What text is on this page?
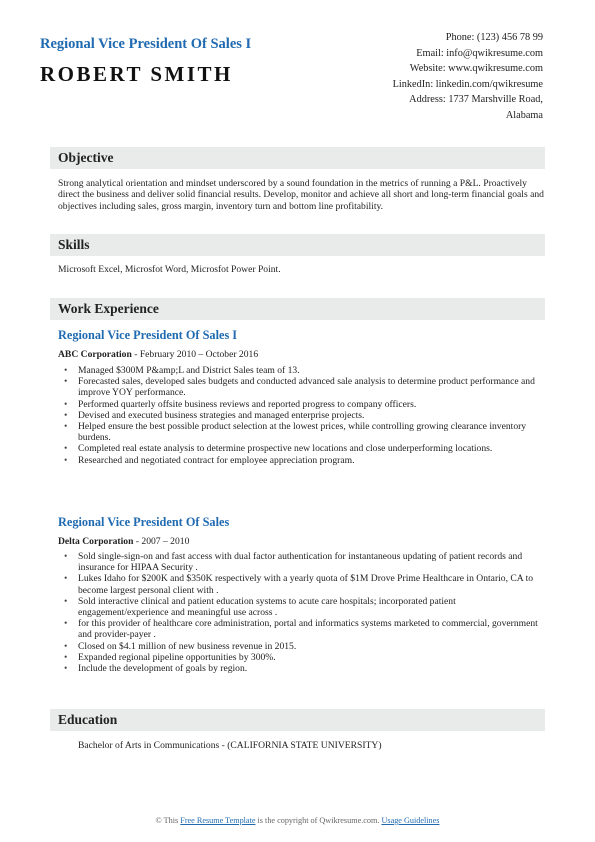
Regional Vice President Of Sales I
ROBERT SMITH
Phone: (123) 456 78 99
Email: info@qwikresume.com
Website: www.qwikresume.com
LinkedIn: linkedin.com/qwikresume
Address: 1737 Marshville Road,
Alabama
Objective
Strong analytical orientation and mindset underscored by a sound foundation in the metrics of running a P&L. Proactively direct the business and deliver solid financial results. Develop, monitor and achieve all short and long-term financial goals and objectives including sales, gross margin, inventory turn and bottom line profitability.
Skills
Microsoft Excel, Microsfot Word, Microsfot Power Point.
Work Experience
Regional Vice President Of Sales I
ABC Corporation - February 2010 – October 2016
• Managed $300M P&amp;L and District Sales team of 13.
• Forecasted sales, developed sales budgets and conducted advanced sale analysis to determine product performance and improve YOY performance.
• Performed quarterly offsite business reviews and reported progress to company officers.
• Devised and executed business strategies and managed enterprise projects.
• Helped ensure the best possible product selection at the lowest prices, while controlling growing clearance inventory burdens.
• Completed real estate analysis to determine prospective new locations and close underperforming locations.
• Researched and negotiated contract for employee appreciation program.
Regional Vice President Of Sales
Delta Corporation - 2007 – 2010
• Sold single-sign-on and fast access with dual factor authentication for instantaneous updating of patient records and insurance for HIPAA Security .
• Lukes Idaho for $200K and $350K respectively with a yearly quota of $1M Drove Prime Healthcare in Ontario, CA to become largest personal client with .
• Sold interactive clinical and patient education systems to acute care hospitals; incorporated patient engagement/experience and meaningful use across .
• for this provider of healthcare core administration, portal and informatics systems marketed to commercial, government and provider-payer .
• Closed on $4.1 million of new business revenue in 2015.
• Expanded regional pipeline opportunities by 300%.
• Include the development of goals by region.
Education
Bachelor of Arts in Communications - (CALIFORNIA STATE UNIVERSITY)
© This Free Resume Template is the copyright of Qwikresume.com. Usage Guidelines
